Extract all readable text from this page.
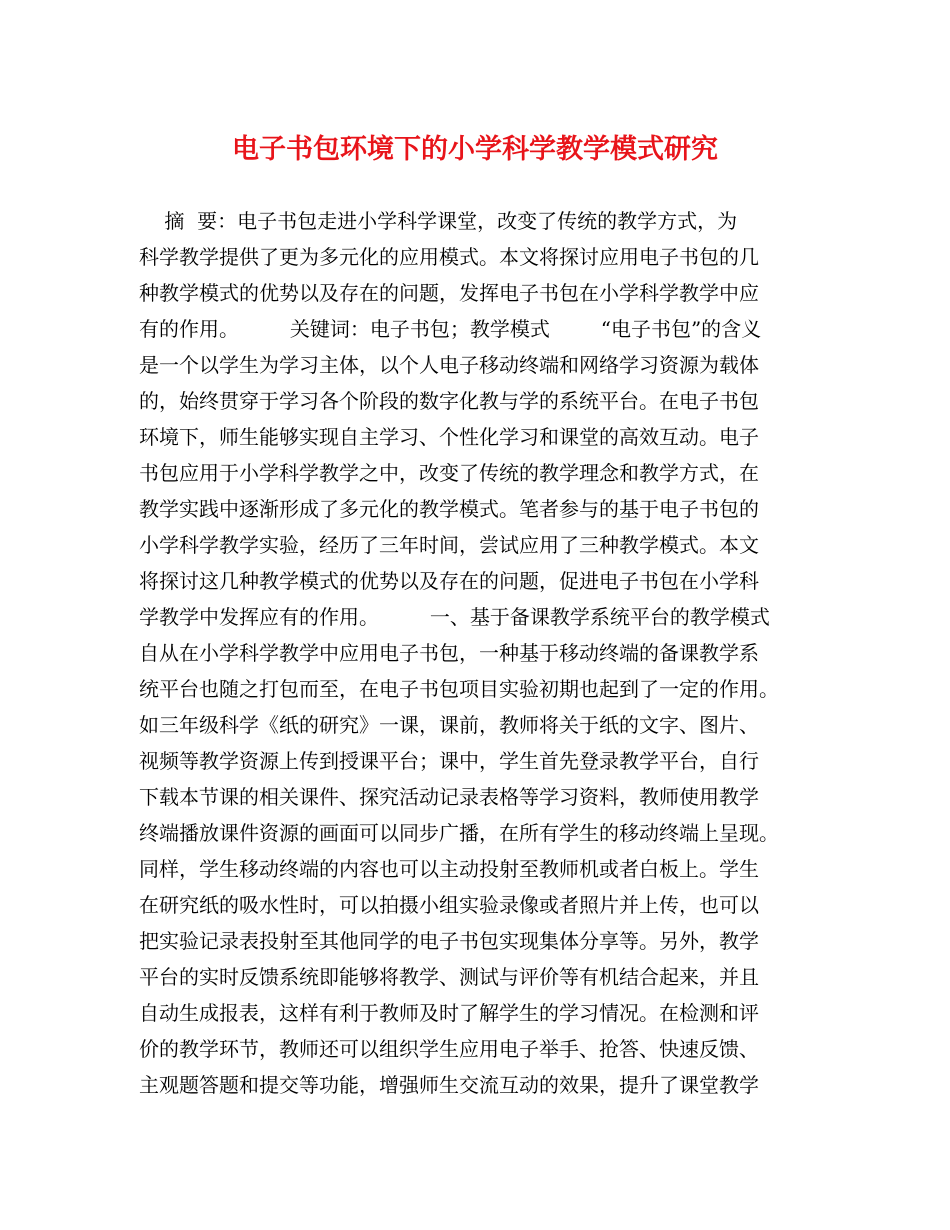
电子书包环境下的小学科学教学模式研究
摘  要：电子书包走进小学科学课堂，改变了传统的教学方式，为
科学教学提供了更为多元化的应用模式。本文将探讨应用电子书包的几
种教学模式的优势以及存在的问题，发挥电子书包在小学科学教学中应
有的作用。        关键词：电子书包；教学模式        “电子书包”的含义
是一个以学生为学习主体，以个人电子移动终端和网络学习资源为载体
的，始终贯穿于学习各个阶段的数字化教与学的系统平台。在电子书包
环境下，师生能够实现自主学习、个性化学习和课堂的高效互动。电子
书包应用于小学科学教学之中，改变了传统的教学理念和教学方式，在
教学实践中逐渐形成了多元化的教学模式。笔者参与的基于电子书包的
小学科学教学实验，经历了三年时间，尝试应用了三种教学模式。本文
将探讨这几种教学模式的优势以及存在的问题，促进电子书包在小学科
学教学中发挥应有的作用。        一、基于备课教学系统平台的教学模式
自从在小学科学教学中应用电子书包，一种基于移动终端的备课教学系
统平台也随之打包而至，在电子书包项目实验初期也起到了一定的作用。
如三年级科学《纸的研究》一课，课前，教师将关于纸的文字、图片、
视频等教学资源上传到授课平台；课中，学生首先登录教学平台，自行
下载本节课的相关课件、探究活动记录表格等学习资料，教师使用教学
终端播放课件资源的画面可以同步广播，在所有学生的移动终端上呈现。
同样，学生移动终端的内容也可以主动投射至教师机或者白板上。学生
在研究纸的吸水性时，可以拍摄小组实验录像或者照片并上传，也可以
把实验记录表投射至其他同学的电子书包实现集体分享等。另外，教学
平台的实时反馈系统即能够将教学、测试与评价等有机结合起来，并且
自动生成报表，这样有利于教师及时了解学生的学习情况。在检测和评
价的教学环节，教师还可以组织学生应用电子举手、抢答、快速反馈、
主观题答题和提交等功能，增强师生交流互动的效果，提升了课堂教学
